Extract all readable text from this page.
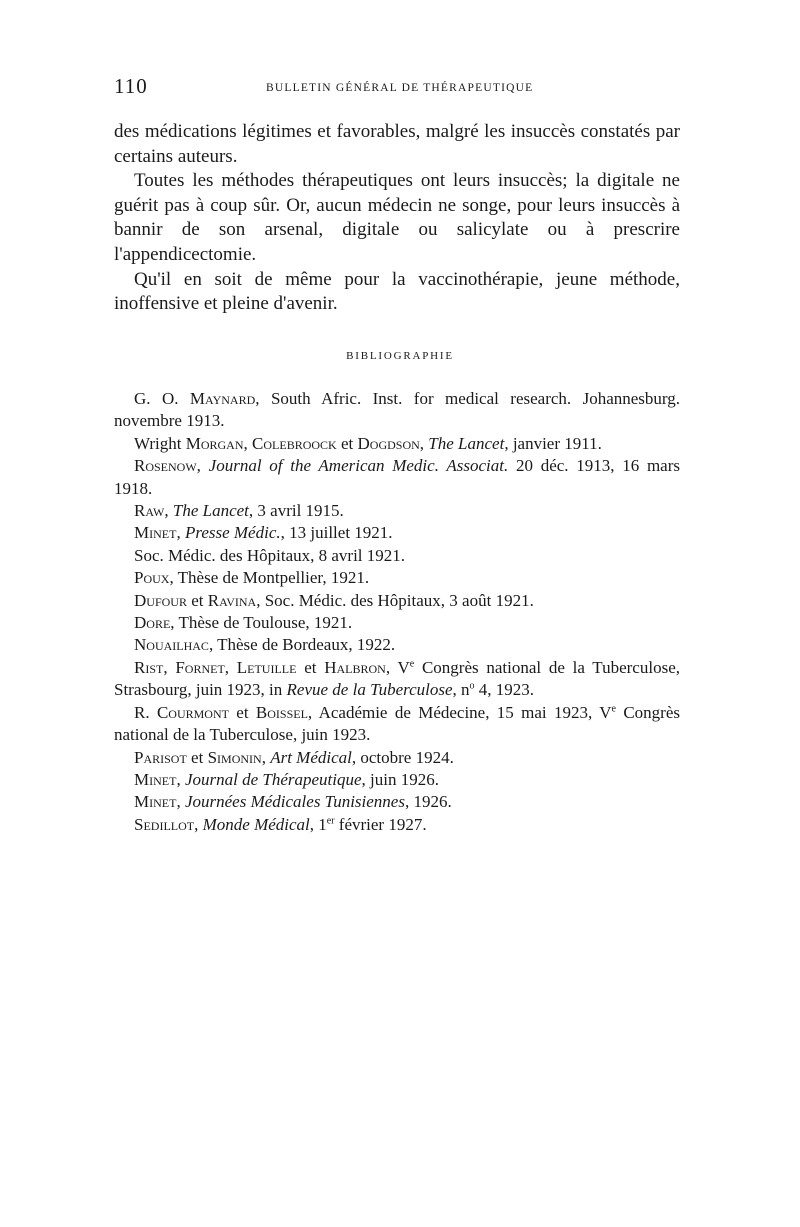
110	BULLETIN GÉNÉRAL DE THÉRAPEUTIQUE

des médications légitimes et favorables, malgré les insuccès constatés par certains auteurs.

Toutes les méthodes thérapeutiques ont leurs insuccès; la digitale ne guérit pas à coup sûr. Or, aucun médecin ne songe, pour leurs insuccès à bannir de son arsenal, digitale ou salicylate ou à prescrire l'appendicectomie.

Qu'il en soit de même pour la vaccinothérapie, jeune méthode, inoffensive et pleine d'avenir.

BIBLIOGRAPHIE

G. O. Maynard, South Afric. Inst. for medical research. Johannesburg. novembre 1913.

Wright Morgan, Colebroock et Dogdson, The Lancet, janvier 1911.

Rosenow, Journal of the American Medic. Associat. 20 déc. 1913, 16 mars 1918.

Raw, The Lancet, 3 avril 1915.

Minet, Presse Médic., 13 juillet 1921.

Soc. Médic. des Hôpitaux, 8 avril 1921.

Poux, Thèse de Montpellier, 1921.

Dufour et Ravina, Soc. Médic. des Hôpitaux, 3 août 1921.

Dore, Thèse de Toulouse, 1921.

Nouailhac, Thèse de Bordeaux, 1922.

Rist, Fornet, Letuille et Halbron, Ve Congrès national de la Tuberculose, Strasbourg, juin 1923, in Revue de la Tuberculose, $n^o$ 4, 1923.

R. Courmont et Boissel, Académie de Médecine, 15 mai 1923, Ve Congrès national de la Tuberculose, juin 1923.

Parisot et Simonin, Art Médical, octobre 1924.

Minet, Journal de Thérapeutique, juin 1926.

Minet, Journées Médicales Tunisiennes, 1926.

Sedillot, Monde Médical, 1er février 1927.
